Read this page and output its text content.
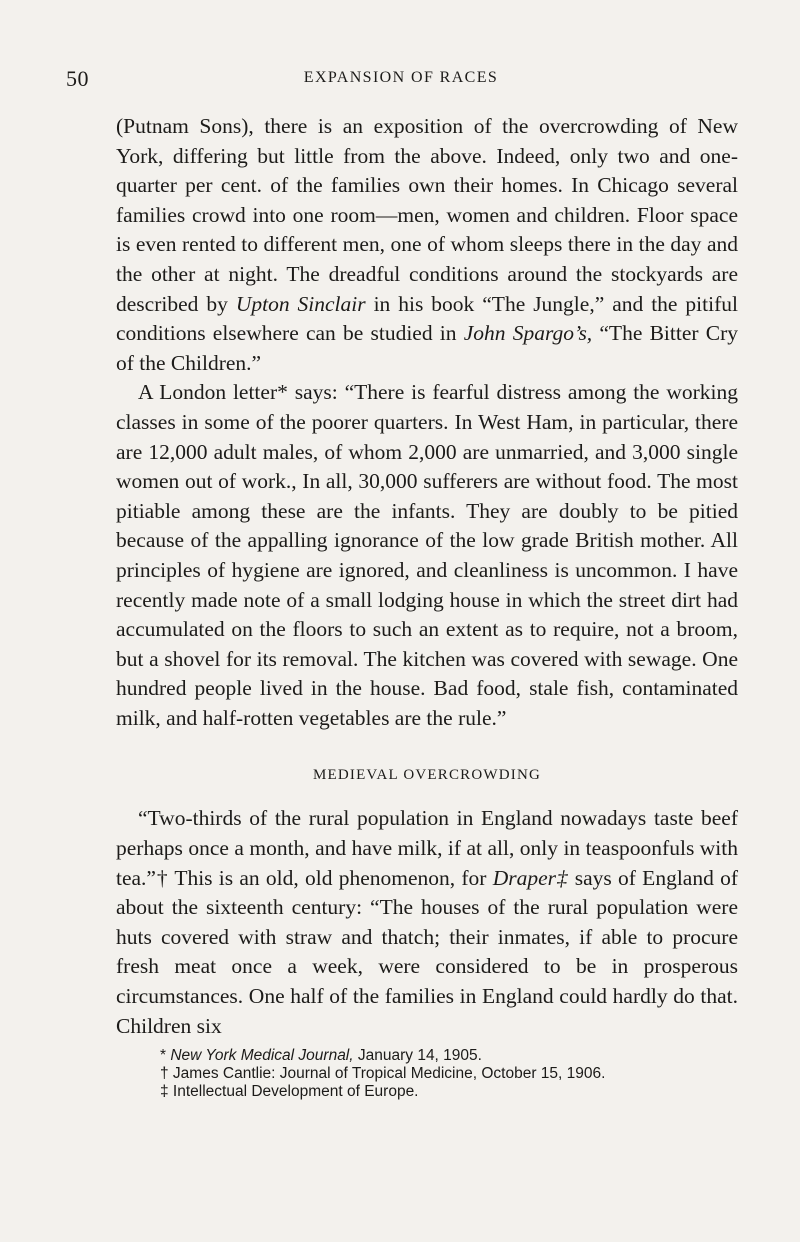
50	EXPANSION OF RACES

(Putnam Sons), there is an exposition of the overcrowding of New York, differing but little from the above. Indeed, only two and one-quarter per cent. of the families own their homes. In Chicago several families crowd into one room—men, women and children. Floor space is even rented to different men, one of whom sleeps there in the day and the other at night. The dreadful conditions around the stockyards are described by Upton Sinclair in his book “The Jungle,” and the pitiful conditions elsewhere can be studied in John Spargo’s, “The Bitter Cry of the Children.”

A London letter* says: “There is fearful distress among the working classes in some of the poorer quarters. In West Ham, in particular, there are 12,000 adult males, of whom 2,000 are unmarried, and 3,000 single women out of work., In all, 30,000 sufferers are without food. The most pitiable among these are the infants. They are doubly to be pitied because of the appalling ignorance of the low grade British mother. All principles of hygiene are ignored, and cleanliness is uncommon. I have recently made note of a small lodging house in which the street dirt had accumulated on the floors to such an extent as to require, not a broom, but a shovel for its removal. The kitchen was covered with sewage. One hundred people lived in the house. Bad food, stale fish, contaminated milk, and half-rotten vegetables are the rule.”

MEDIEVAL OVERCROWDING

“Two-thirds of the rural population in England nowadays taste beef perhaps once a month, and have milk, if at all, only in teaspoonfuls with tea.”† This is an old, old phenomenon, for Draper‡ says of England of about the sixteenth century: “The houses of the rural population were huts covered with straw and thatch; their inmates, if able to procure fresh meat once a week, were considered to be in prosperous circumstances. One half of the families in England could hardly do that. Children six

* New York Medical Journal, January 14, 1905.

† James Cantlie: Journal of Tropical Medicine, October 15, 1906.

‡ Intellectual Development of Europe.
